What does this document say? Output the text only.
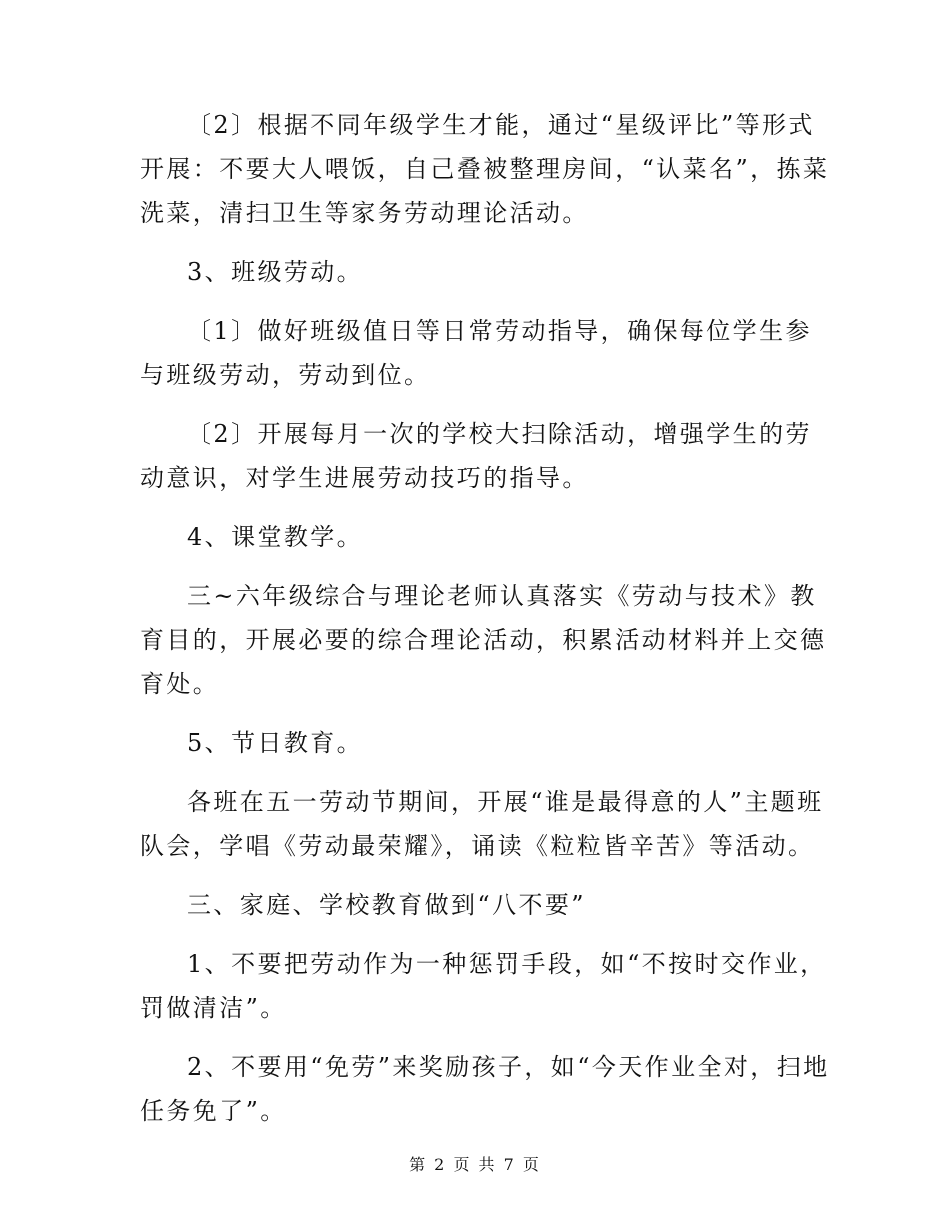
〔2〕根据不同年级学生才能，通过“星级评比”等形式开展：不要大人喂饭，自己叠被整理房间，“认菜名”，拣菜洗菜，清扫卫生等家务劳动理论活动。

3、班级劳动。

〔1〕做好班级值日等日常劳动指导，确保每位学生参与班级劳动，劳动到位。

〔2〕开展每月一次的学校大扫除活动，增强学生的劳动意识，对学生进展劳动技巧的指导。

4、课堂教学。

三~六年级综合与理论老师认真落实《劳动与技术》教育目的，开展必要的综合理论活动，积累活动材料并上交德育处。

5、节日教育。

各班在五一劳动节期间，开展“谁是最得意的人”主题班队会，学唱《劳动最荣耀》，诵读《粒粒皆辛苦》等活动。

三、家庭、学校教育做到“八不要”

1、不要把劳动作为一种惩罚手段，如“不按时交作业，罚做清洁”。

2、不要用“免劳”来奖励孩子，如“今天作业全对，扫地任务免了”。

第 2 页 共 7 页
